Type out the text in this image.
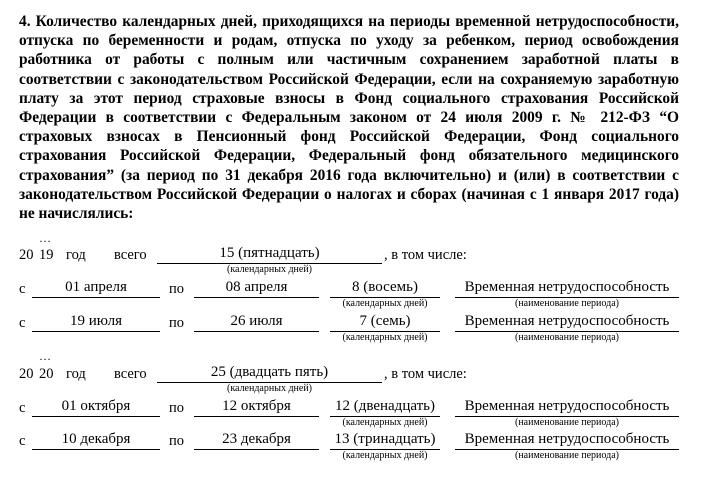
4. Количество календарных дней, приходящихся на периоды временной нетрудоспособности, отпуска по беременности и родам, отпуска по уходу за ребенком, период освобождения работника от работы с полным или частичным сохранением заработной платы в соответствии с законодательством Российской Федерации, если на сохраняемую заработную плату за этот период страховые взносы в Фонд социального страхования Российской Федерации в соответствии с Федеральным законом от 24 июля 2009 г. № 212-ФЗ “О страховых взносах в Пенсионный фонд Российской Федерации, Фонд социального страхования Российской Федерации, Федеральный фонд обязательного медицинского страхования” (за период по 31 декабря 2016 года включительно) и (или) в соответствии с законодательством Российской Федерации о налогах и сборах (начиная с 1 января 2017 года) не начислялись:

…
20 19 год всего	15 (пятнадцать)	, в том числе:
(календарных дней)
с	01 апреля	по	08 апреля	8 (восемь)	Временная нетрудоспособность
(календарных дней)	(наименование периода)
с	19 июля	по	26 июля	7 (семь)	Временная нетрудоспособность
(календарных дней)	(наименование периода)
…
20 20 год всего	25 (двадцать пять)	, в том числе:
(календарных дней)
с	01 октября	по	12 октября	12 (двенадцать)	Временная нетрудоспособность
(календарных дней)	(наименование периода)
с	10 декабря	по	23 декабря	13 (тринадцать)	Временная нетрудоспособность
(календарных дней)	(наименование периода)
